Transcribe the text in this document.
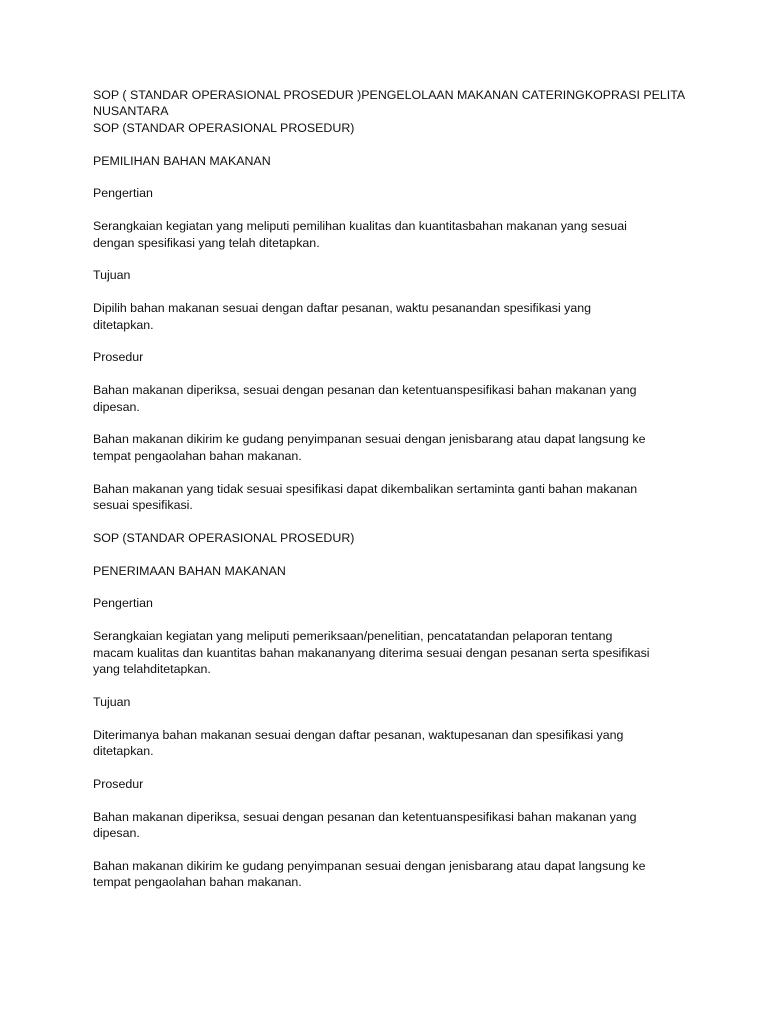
SOP ( STANDAR OPERASIONAL PROSEDUR )PENGELOLAAN MAKANAN CATERINGKOPRASI PELITA
NUSANTARA
SOP (STANDAR OPERASIONAL PROSEDUR)
PEMILIHAN BAHAN MAKANAN
Pengertian
Serangkaian kegiatan yang meliputi pemilihan kualitas dan kuantitasbahan makanan yang sesuai
dengan spesifikasi yang telah ditetapkan.
Tujuan
Dipilih bahan makanan sesuai dengan daftar pesanan, waktu pesanandan spesifikasi yang
ditetapkan.
Prosedur
Bahan makanan diperiksa, sesuai dengan pesanan dan ketentuanspesifikasi bahan makanan yang
dipesan.
Bahan makanan dikirim ke gudang penyimpanan sesuai dengan jenisbarang atau dapat langsung ke
tempat pengaolahan bahan makanan.
Bahan makanan yang tidak sesuai spesifikasi dapat dikembalikan sertaminta ganti bahan makanan
sesuai spesifikasi.
SOP (STANDAR OPERASIONAL PROSEDUR)
PENERIMAAN BAHAN MAKANAN
Pengertian
Serangkaian kegiatan yang meliputi pemeriksaan/penelitian, pencatatandan pelaporan tentang
macam kualitas dan kuantitas bahan makananyang diterima sesuai dengan pesanan serta spesifikasi
yang telahditetapkan.
Tujuan
Diterimanya bahan makanan sesuai dengan daftar pesanan, waktupesanan dan spesifikasi yang
ditetapkan.
Prosedur
Bahan makanan diperiksa, sesuai dengan pesanan dan ketentuanspesifikasi bahan makanan yang
dipesan.
Bahan makanan dikirim ke gudang penyimpanan sesuai dengan jenisbarang atau dapat langsung ke
tempat pengaolahan bahan makanan.
